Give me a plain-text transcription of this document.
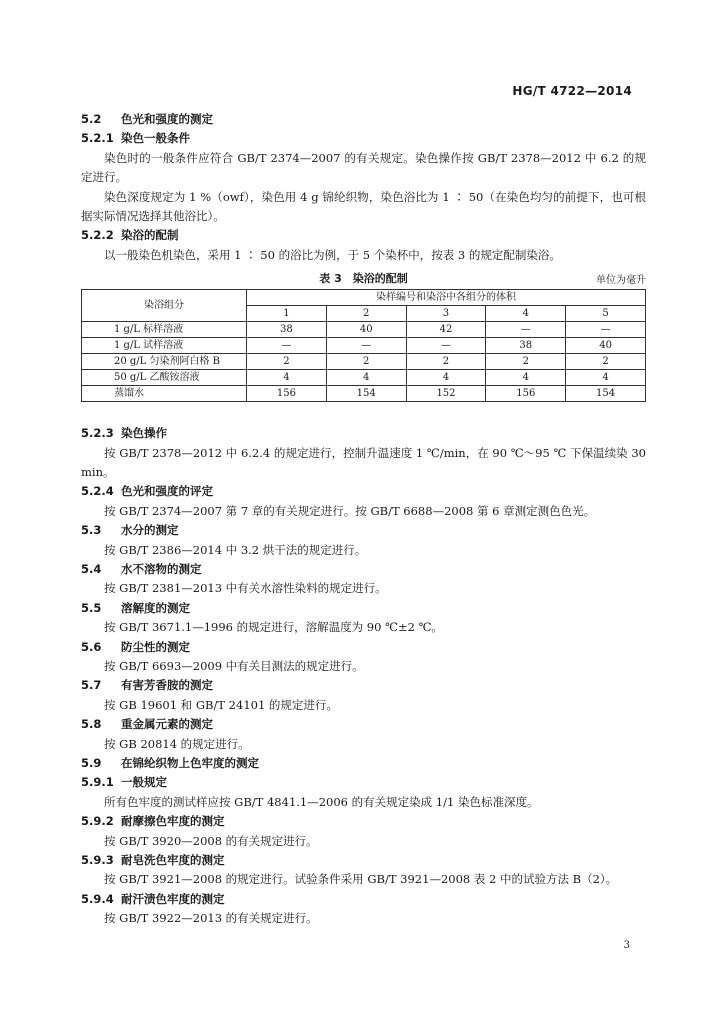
HG/T 4722—2014
5.2 色光和强度的测定
5.2.1 染色一般条件
染色时的一般条件应符合 GB/T 2374—2007 的有关规定。染色操作按 GB/T 2378—2012 中 6.2 的规定进行。
染色深度规定为 1 %（owf），染色用 4 g 锦纶织物，染色浴比为 1 ∶ 50（在染色均匀的前提下，也可根据实际情况选择其他浴比）。
5.2.2 染浴的配制
以一般染色机染色，采用 1 ∶ 50 的浴比为例，于 5 个染杯中，按表 3 的规定配制染浴。
表 3　染浴的配制	单位为毫升
染浴组分	染样编号和染浴中各组分的体积				
	1	2	3	4	5
1 g/L 标样溶液	38	40	42	—	—
1 g/L 试样溶液	—	—	—	38	40
20 g/L 匀染剂阿白格 B	2	2	2	2	2
50 g/L 乙酸铵溶液	4	4	4	4	4
蒸馏水	156	154	152	156	154
5.2.3 染色操作
按 GB/T 2378—2012 中 6.2.4 的规定进行，控制升温速度 1 ℃/min，在 90 ℃～95 ℃ 下保温续染 30 min。
5.2.4 色光和强度的评定
按 GB/T 2374—2007 第 7 章的有关规定进行。按 GB/T 6688—2008 第 6 章测定测色色光。
5.3 水分的测定
按 GB/T 2386—2014 中 3.2 烘干法的规定进行。
5.4 水不溶物的测定
按 GB/T 2381—2013 中有关水溶性染料的规定进行。
5.5 溶解度的测定
按 GB/T 3671.1—1996 的规定进行，溶解温度为 90 ℃±2 ℃。
5.6 防尘性的测定
按 GB/T 6693—2009 中有关目测法的规定进行。
5.7 有害芳香胺的测定
按 GB 19601 和 GB/T 24101 的规定进行。
5.8 重金属元素的测定
按 GB 20814 的规定进行。
5.9 在锦纶织物上色牢度的测定
5.9.1 一般规定
所有色牢度的测试样应按 GB/T 4841.1—2006 的有关规定染成 1/1 染色标准深度。
5.9.2 耐摩擦色牢度的测定
按 GB/T 3920—2008 的有关规定进行。
5.9.3 耐皂洗色牢度的测定
按 GB/T 3921—2008 的规定进行。试验条件采用 GB/T 3921—2008 表 2 中的试验方法 B（2）。
5.9.4 耐汗渍色牢度的测定
按 GB/T 3922—2013 的有关规定进行。
3
